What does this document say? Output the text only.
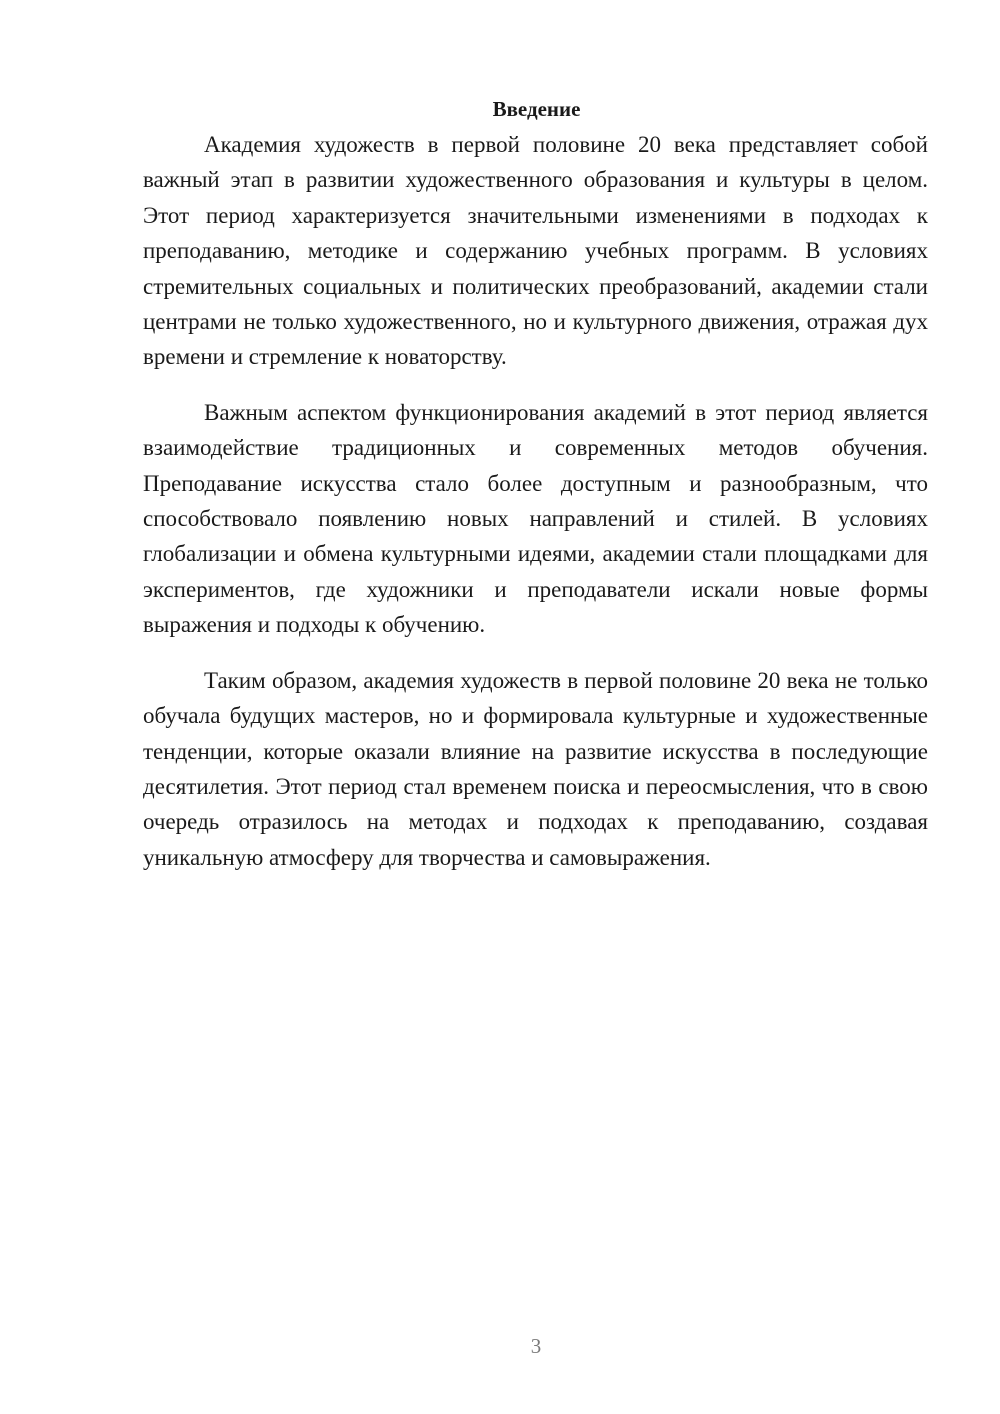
Введение

Академия художеств в первой половине 20 века представляет собой важный этап в развитии художественного образования и культуры в целом. Этот период характеризуется значительными изменениями в подходах к преподаванию, методике и содержанию учебных программ. В условиях стремительных социальных и политических преобразований, академии стали центрами не только художественного, но и культурного движения, отражая дух времени и стремление к новаторству.

Важным аспектом функционирования академий в этот период является взаимодействие традиционных и современных методов обучения. Преподавание искусства стало более доступным и разнообразным, что способствовало появлению новых направлений и стилей. В условиях глобализации и обмена культурными идеями, академии стали площадками для экспериментов, где художники и преподаватели искали новые формы выражения и подходы к обучению.

Таким образом, академия художеств в первой половине 20 века не только обучала будущих мастеров, но и формировала культурные и художественные тенденции, которые оказали влияние на развитие искусства в последующие десятилетия. Этот период стал временем поиска и переосмысления, что в свою очередь отразилось на методах и подходах к преподаванию, создавая уникальную атмосферу для творчества и самовыражения.

3
